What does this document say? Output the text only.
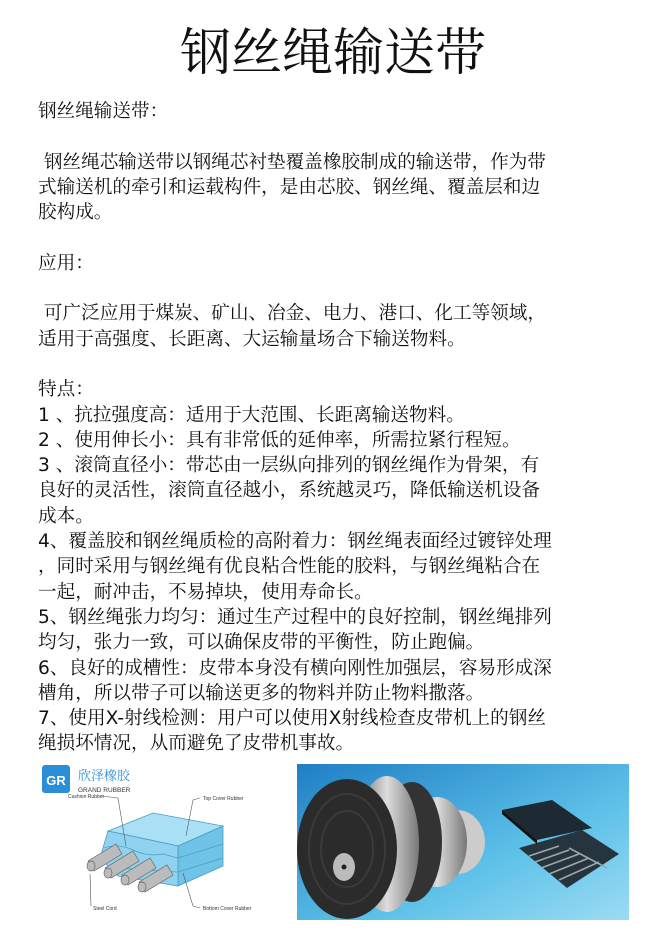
钢丝绳输送带
钢丝绳输送带：
钢丝绳芯输送带以钢绳芯衬垫覆盖橡胶制成的输送带，作为带
式输送机的牵引和运载构件，是由芯胶、钢丝绳、覆盖层和边
胶构成。
应用：
可广泛应用于煤炭、矿山、冶金、电力、港口、化工等领域，
适用于高强度、长距离、大运输量场合下输送物料。
特点：
1 、抗拉强度高：适用于大范围、长距离输送物料。
2 、使用伸长小：具有非常低的延伸率，所需拉紧行程短。
3 、滚筒直径小：带芯由一层纵向排列的钢丝绳作为骨架，有
良好的灵活性，滚筒直径越小，系统越灵巧，降低输送机设备
成本。
4、覆盖胶和钢丝绳质检的高附着力：钢丝绳表面经过镀锌处理
，同时采用与钢丝绳有优良粘合性能的胶料，与钢丝绳粘合在
一起，耐冲击，不易掉块，使用寿命长。
5、钢丝绳张力均匀：通过生产过程中的良好控制，钢丝绳排列
均匀，张力一致，可以确保皮带的平衡性，防止跑偏。
6、良好的成槽性：皮带本身没有横向刚性加强层，容易形成深
槽角，所以带子可以输送更多的物料并防止物料撒落。
7、使用X-射线检测：用户可以使用X射线检查皮带机上的钢丝
绳损坏情况，从而避免了皮带机事故。
GR 欣泽橡胶
GRAND RUBBER
Cushion Rubber	Top Cover Rubber
Steel Cord	Bottom Cover Rubber
